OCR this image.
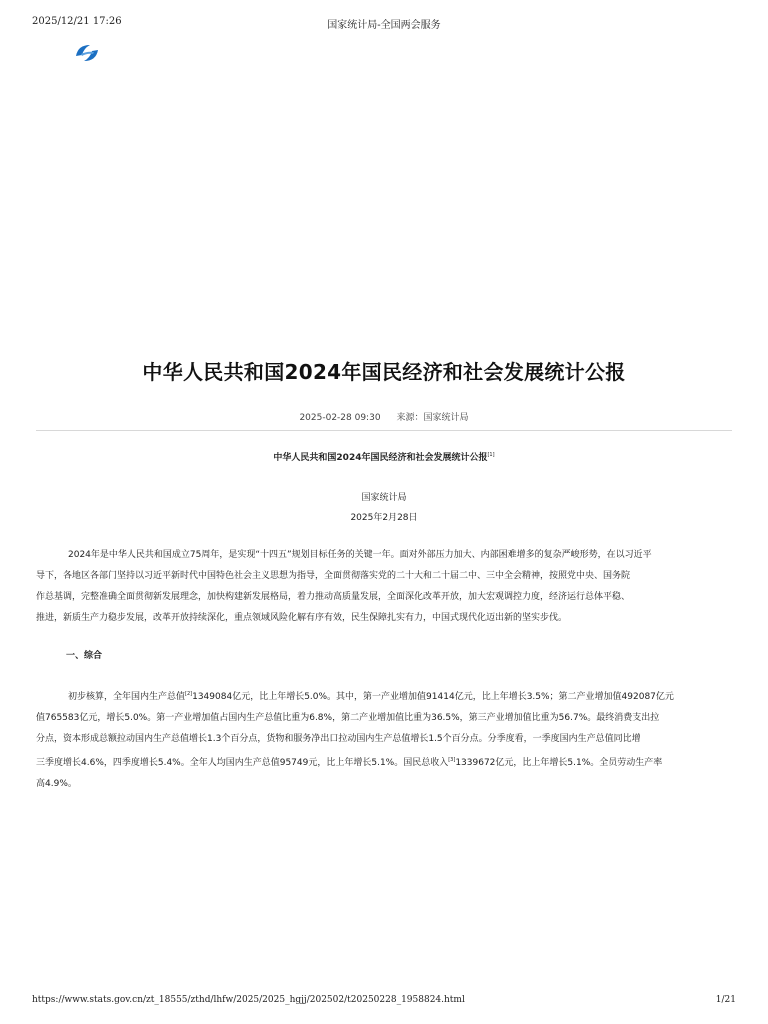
2025/12/21 17:26	国家统计局-全国两会服务
中华人民共和国2024年国民经济和社会发展统计公报
2025-02-28 09:30 来源：国家统计局
中华人民共和国2024年国民经济和社会发展统计公报[1]
国家统计局
2025年2月28日
2024年是中华人民共和国成立75周年，是实现“十四五”规划目标任务的关键一年。面对外部压力加大、内部困难增多的复杂严峻形势，在以习近平
导下，各地区各部门坚持以习近平新时代中国特色社会主义思想为指导，全面贯彻落实党的二十大和二十届二中、三中全会精神，按照党中央、国务院
作总基调，完整准确全面贯彻新发展理念，加快构建新发展格局，着力推动高质量发展，全面深化改革开放，加大宏观调控力度，经济运行总体平稳、
推进，新质生产力稳步发展，改革开放持续深化，重点领域风险化解有序有效，民生保障扎实有力，中国式现代化迈出新的坚实步伐。
一、综合
初步核算，全年国内生产总值[2]1349084亿元，比上年增长5.0%。其中，第一产业增加值91414亿元，比上年增长3.5%；第二产业增加值492087亿元
值765583亿元，增长5.0%。第一产业增加值占国内生产总值比重为6.8%，第二产业增加值比重为36.5%，第三产业增加值比重为56.7%。最终消费支出拉
分点，资本形成总额拉动国内生产总值增长1.3个百分点，货物和服务净出口拉动国内生产总值增长1.5个百分点。分季度看，一季度国内生产总值同比增
三季度增长4.6%，四季度增长5.4%。全年人均国内生产总值95749元，比上年增长5.1%。国民总收入[3]1339672亿元，比上年增长5.1%。全员劳动生产率
高4.9%。
https://www.stats.gov.cn/zt_18555/zthd/lhfw/2025/2025_hgjj/202502/t20250228_1958824.html	1/21
